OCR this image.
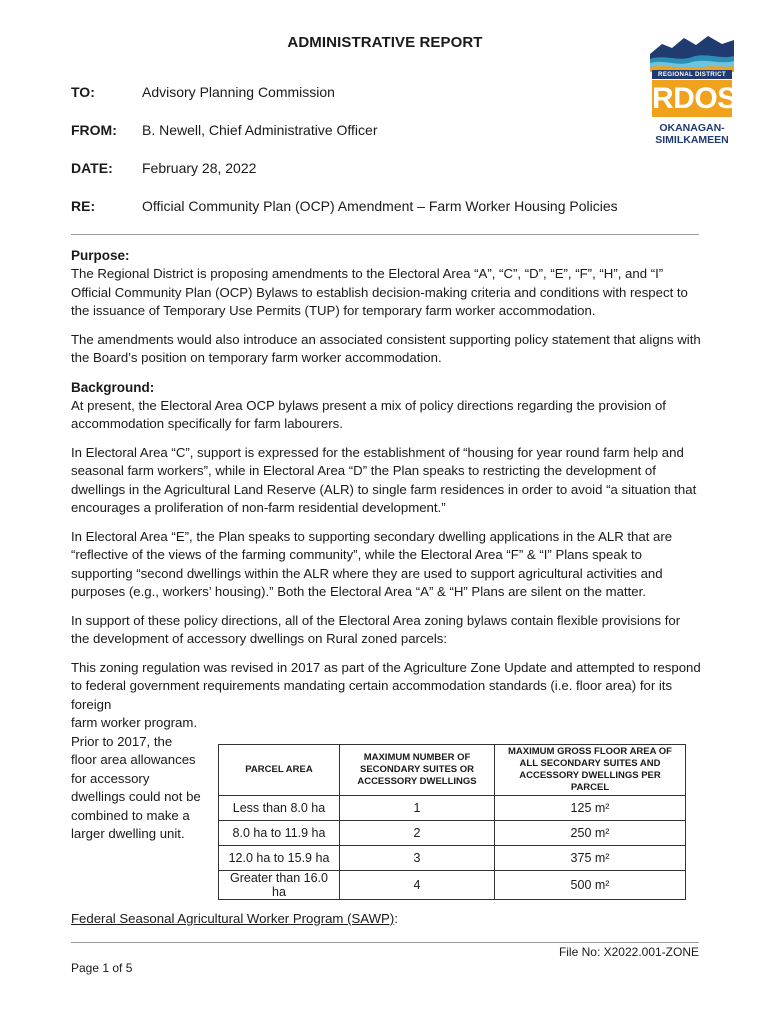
ADMINISTRATIVE REPORT
REGIONAL DISTRICT
RDOS
OKANAGAN-
SIMILKAMEEN
TO:	Advisory Planning Commission
FROM: B. Newell, Chief Administrative Officer
DATE: February 28, 2022
RE:	Official Community Plan (OCP) Amendment – Farm Worker Housing Policies
Purpose:

The Regional District is proposing amendments to the Electoral Area “A”, “C”, “D”, “E”, “F”, “H”, and “I” Official Community Plan (OCP) Bylaws to establish decision-making criteria and conditions with respect to the issuance of Temporary Use Permits (TUP) for temporary farm worker accommodation.

The amendments would also introduce an associated consistent supporting policy statement that aligns with the Board’s position on temporary farm worker accommodation.

Background:

At present, the Electoral Area OCP bylaws present a mix of policy directions regarding the provision of accommodation specifically for farm labourers.

In Electoral Area “C”, support is expressed for the establishment of “housing for year round farm help and seasonal farm workers”, while in Electoral Area “D” the Plan speaks to restricting the development of dwellings in the Agricultural Land Reserve (ALR) to single farm residences in order to avoid “a situation that encourages a proliferation of non-farm residential development.”

In Electoral Area “E”, the Plan speaks to supporting secondary dwelling applications in the ALR that are “reflective of the views of the farming community”, while the Electoral Area “F” & “I” Plans speak to supporting “second dwellings within the ALR where they are used to support agricultural activities and purposes (e.g., workers’ housing).” Both the Electoral Area “A” & “H” Plans are silent on the matter.

In support of these policy directions, all of the Electoral Area zoning bylaws contain flexible provisions for the development of accessory dwellings on Rural zoned parcels:

This zoning regulation was revised in 2017 as part of the Agriculture Zone Update and attempted to respond to federal government requirements mandating certain accommodation standards (i.e. floor area) for its foreign

farm worker program. Prior to 2017, the floor area allowances for accessory dwellings could not be combined to make a larger dwelling unit.
PARCEL AREA	MAXIMUM NUMBER OF SECONDARY SUITES OR ACCESSORY DWELLINGS	MAXIMUM GROSS FLOOR AREA OF ALL SECONDARY SUITES AND ACCESSORY DWELLINGS PER PARCEL
Less than 8.0 ha	1	125 m²
8.0 ha to 11.9 ha	2	250 m²
12.0 ha to 15.9 ha	3	375 m²
Greater than 16.0 ha	4	500 m²
Federal Seasonal Agricultural Worker Program (SAWP):
File No: X2022.001-ZONE
Page 1 of 5
